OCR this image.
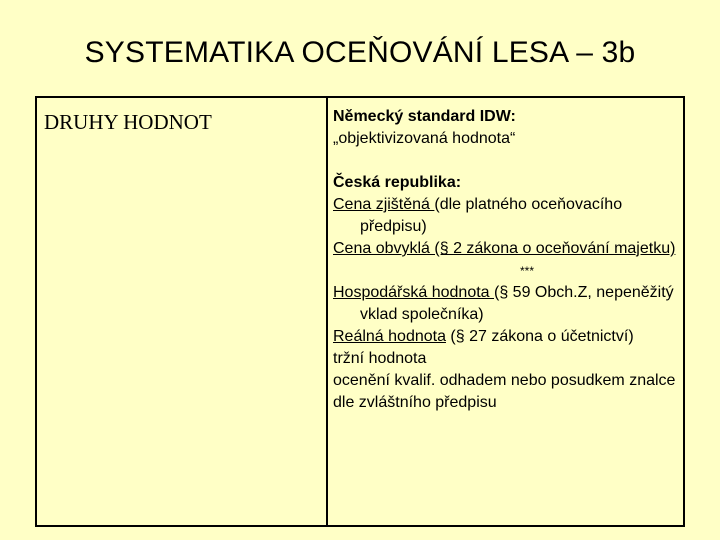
SYSTEMATIKA OCEŇOVÁNÍ LESA – 3b
DRUHY HODNOT	Německý standard IDW:

„objektivizovaná hodnota“

Česká republika:

Cena zjištěná (dle platného oceňovacího předpisu)

Cena obvyklá (§ 2 zákona o oceňování majetku)

***

Hospodářská hodnota (§ 59 Obch.Z, nepeněžitý vklad společníka)

Reálná hodnota (§ 27 zákona o účetnictví)

tržní hodnota

ocenění kvalif. odhadem nebo posudkem znalce

dle zvláštního předpisu
